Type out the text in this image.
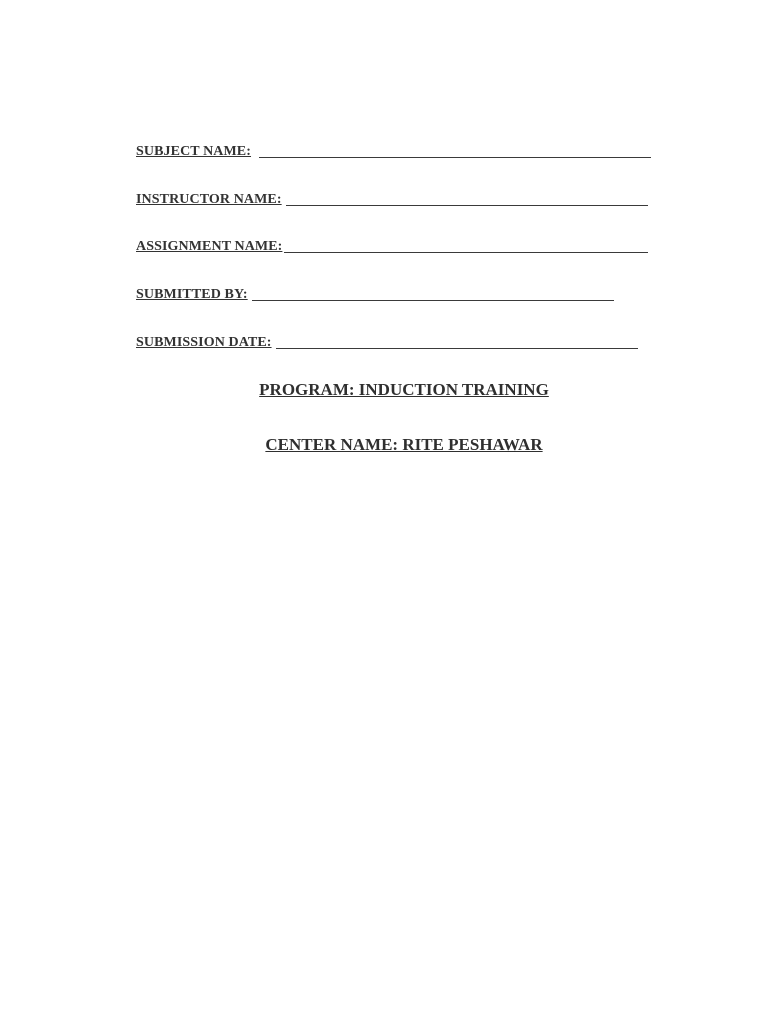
SUBJECT NAME:
INSTRUCTOR NAME:
ASSIGNMENT NAME:
SUBMITTED BY:
SUBMISSION DATE:
PROGRAM: INDUCTION TRAINING
CENTER NAME: RITE PESHAWAR
